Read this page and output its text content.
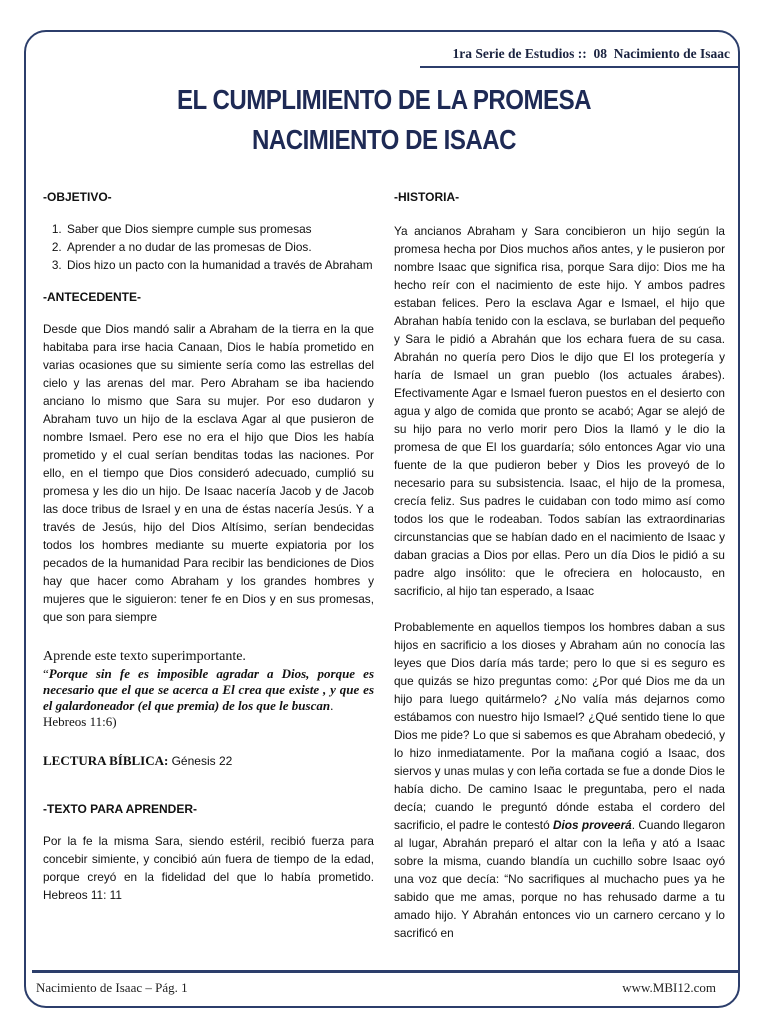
1ra Serie de Estudios :: 08  Nacimiento de Isaac
EL CUMPLIMIENTO DE LA PROMESA
NACIMIENTO DE ISAAC

-OBJETIVO-

1. Saber que Dios siempre cumple sus promesas
2. Aprender a no dudar de las promesas de Dios.
3. Dios hizo un pacto con la humanidad a través de Abraham

-ANTECEDENTE-

Desde que Dios mandó salir a Abraham de la tierra en la que habitaba para irse hacia Canaan, Dios le había prometido en varias ocasiones que su simiente sería como las estrellas del cielo y las arenas del mar. Pero Abraham se iba haciendo anciano lo mismo que Sara su mujer. Por eso dudaron y Abraham tuvo un hijo de la esclava Agar al que pusieron de nombre Ismael. Pero ese no era el hijo que Dios les había prometido y el cual serían benditas todas las naciones. Por ello, en el tiempo que Dios consideró adecuado, cumplió su promesa y les dio un hijo. De Isaac nacería Jacob y de Jacob las doce tribus de Israel y en una de éstas nacería Jesús. Y a través de Jesús, hijo del Dios Altísimo, serían bendecidas todos los hombres mediante su muerte expiatoria por los pecados de la humanidad Para recibir las bendiciones de Dios hay que hacer como Abraham y los grandes hombres y mujeres que le siguieron: tener fe en Dios y en sus promesas, que son para siempre

Aprende este texto superimportante.

“Porque sin fe es imposible agradar a Dios, porque es necesario que el que se acerca a El crea que existe , y que es el galardoneador (el que premia) de los que le buscan.

Hebreos 11:6)

LECTURA BÍBLICA: Génesis 22

-TEXTO PARA APRENDER-

Por la fe la misma Sara, siendo estéril, recibió fuerza para concebir simiente, y concibió aún fuera de tiempo de la edad, porque creyó en la fidelidad del que lo había prometido. Hebreos 11: 11

-HISTORIA-

Ya ancianos Abraham y Sara concibieron un hijo según la promesa hecha por Dios muchos años antes, y le pusieron por nombre Isaac que significa risa, porque Sara dijo: Dios me ha hecho reír con el nacimiento de este hijo. Y ambos padres estaban felices. Pero la esclava Agar e Ismael, el hijo que Abrahan había tenido con la esclava, se burlaban del pequeño y Sara le pidió a Abrahán que los echara fuera de su casa. Abrahán no quería pero Dios le dijo que El los protegería y haría de Ismael un gran pueblo (los actuales árabes). Efectivamente Agar e Ismael fueron puestos en el desierto con agua y algo de comida que pronto se acabó; Agar se alejó de su hijo para no verlo morir pero Dios la llamó y le dio la promesa de que El los guardaría; sólo entonces Agar vio una fuente de la que pudieron beber y Dios les proveyó de lo necesario para su subsistencia. Isaac, el hijo de la promesa, crecía feliz. Sus padres le cuidaban con todo mimo así como todos los que le rodeaban. Todos sabían las extraordinarias circunstancias que se habían dado en el nacimiento de Isaac y daban gracias a Dios por ellas. Pero un día Dios le pidió a su padre algo insólito: que le ofreciera en holocausto, en sacrificio, al hijo tan esperado, a Isaac

Probablemente en aquellos tiempos los hombres daban a sus hijos en sacrificio a los dioses y Abraham aún no conocía las leyes que Dios daría más tarde; pero lo que si es seguro es que quizás se hizo preguntas como: ¿Por qué Dios me da un hijo para luego quitármelo? ¿No valía más dejarnos como estábamos con nuestro hijo Ismael? ¿Qué sentido tiene lo que Dios me pide? Lo que si sabemos es que Abraham obedeció, y lo hizo inmediatamente. Por la mañana cogió a Isaac, dos siervos y unas mulas y con leña cortada se fue a donde Dios le había dicho. De camino Isaac le preguntaba, pero el nada decía; cuando le preguntó dónde estaba el cordero del sacrificio, el padre le contestó Dios proveerá. Cuando llegaron al lugar, Abrahán preparó el altar con la leña y ató a Isaac sobre la misma, cuando blandía un cuchillo sobre Isaac oyó una voz que decía: “No sacrifiques al muchacho pues ya he sabido que me amas, porque no has rehusado darme a tu amado hijo. Y Abrahán entonces vio un carnero cercano y lo sacrificó en

Nacimiento de Isaac – Pág. 1	www.MBI12.com
